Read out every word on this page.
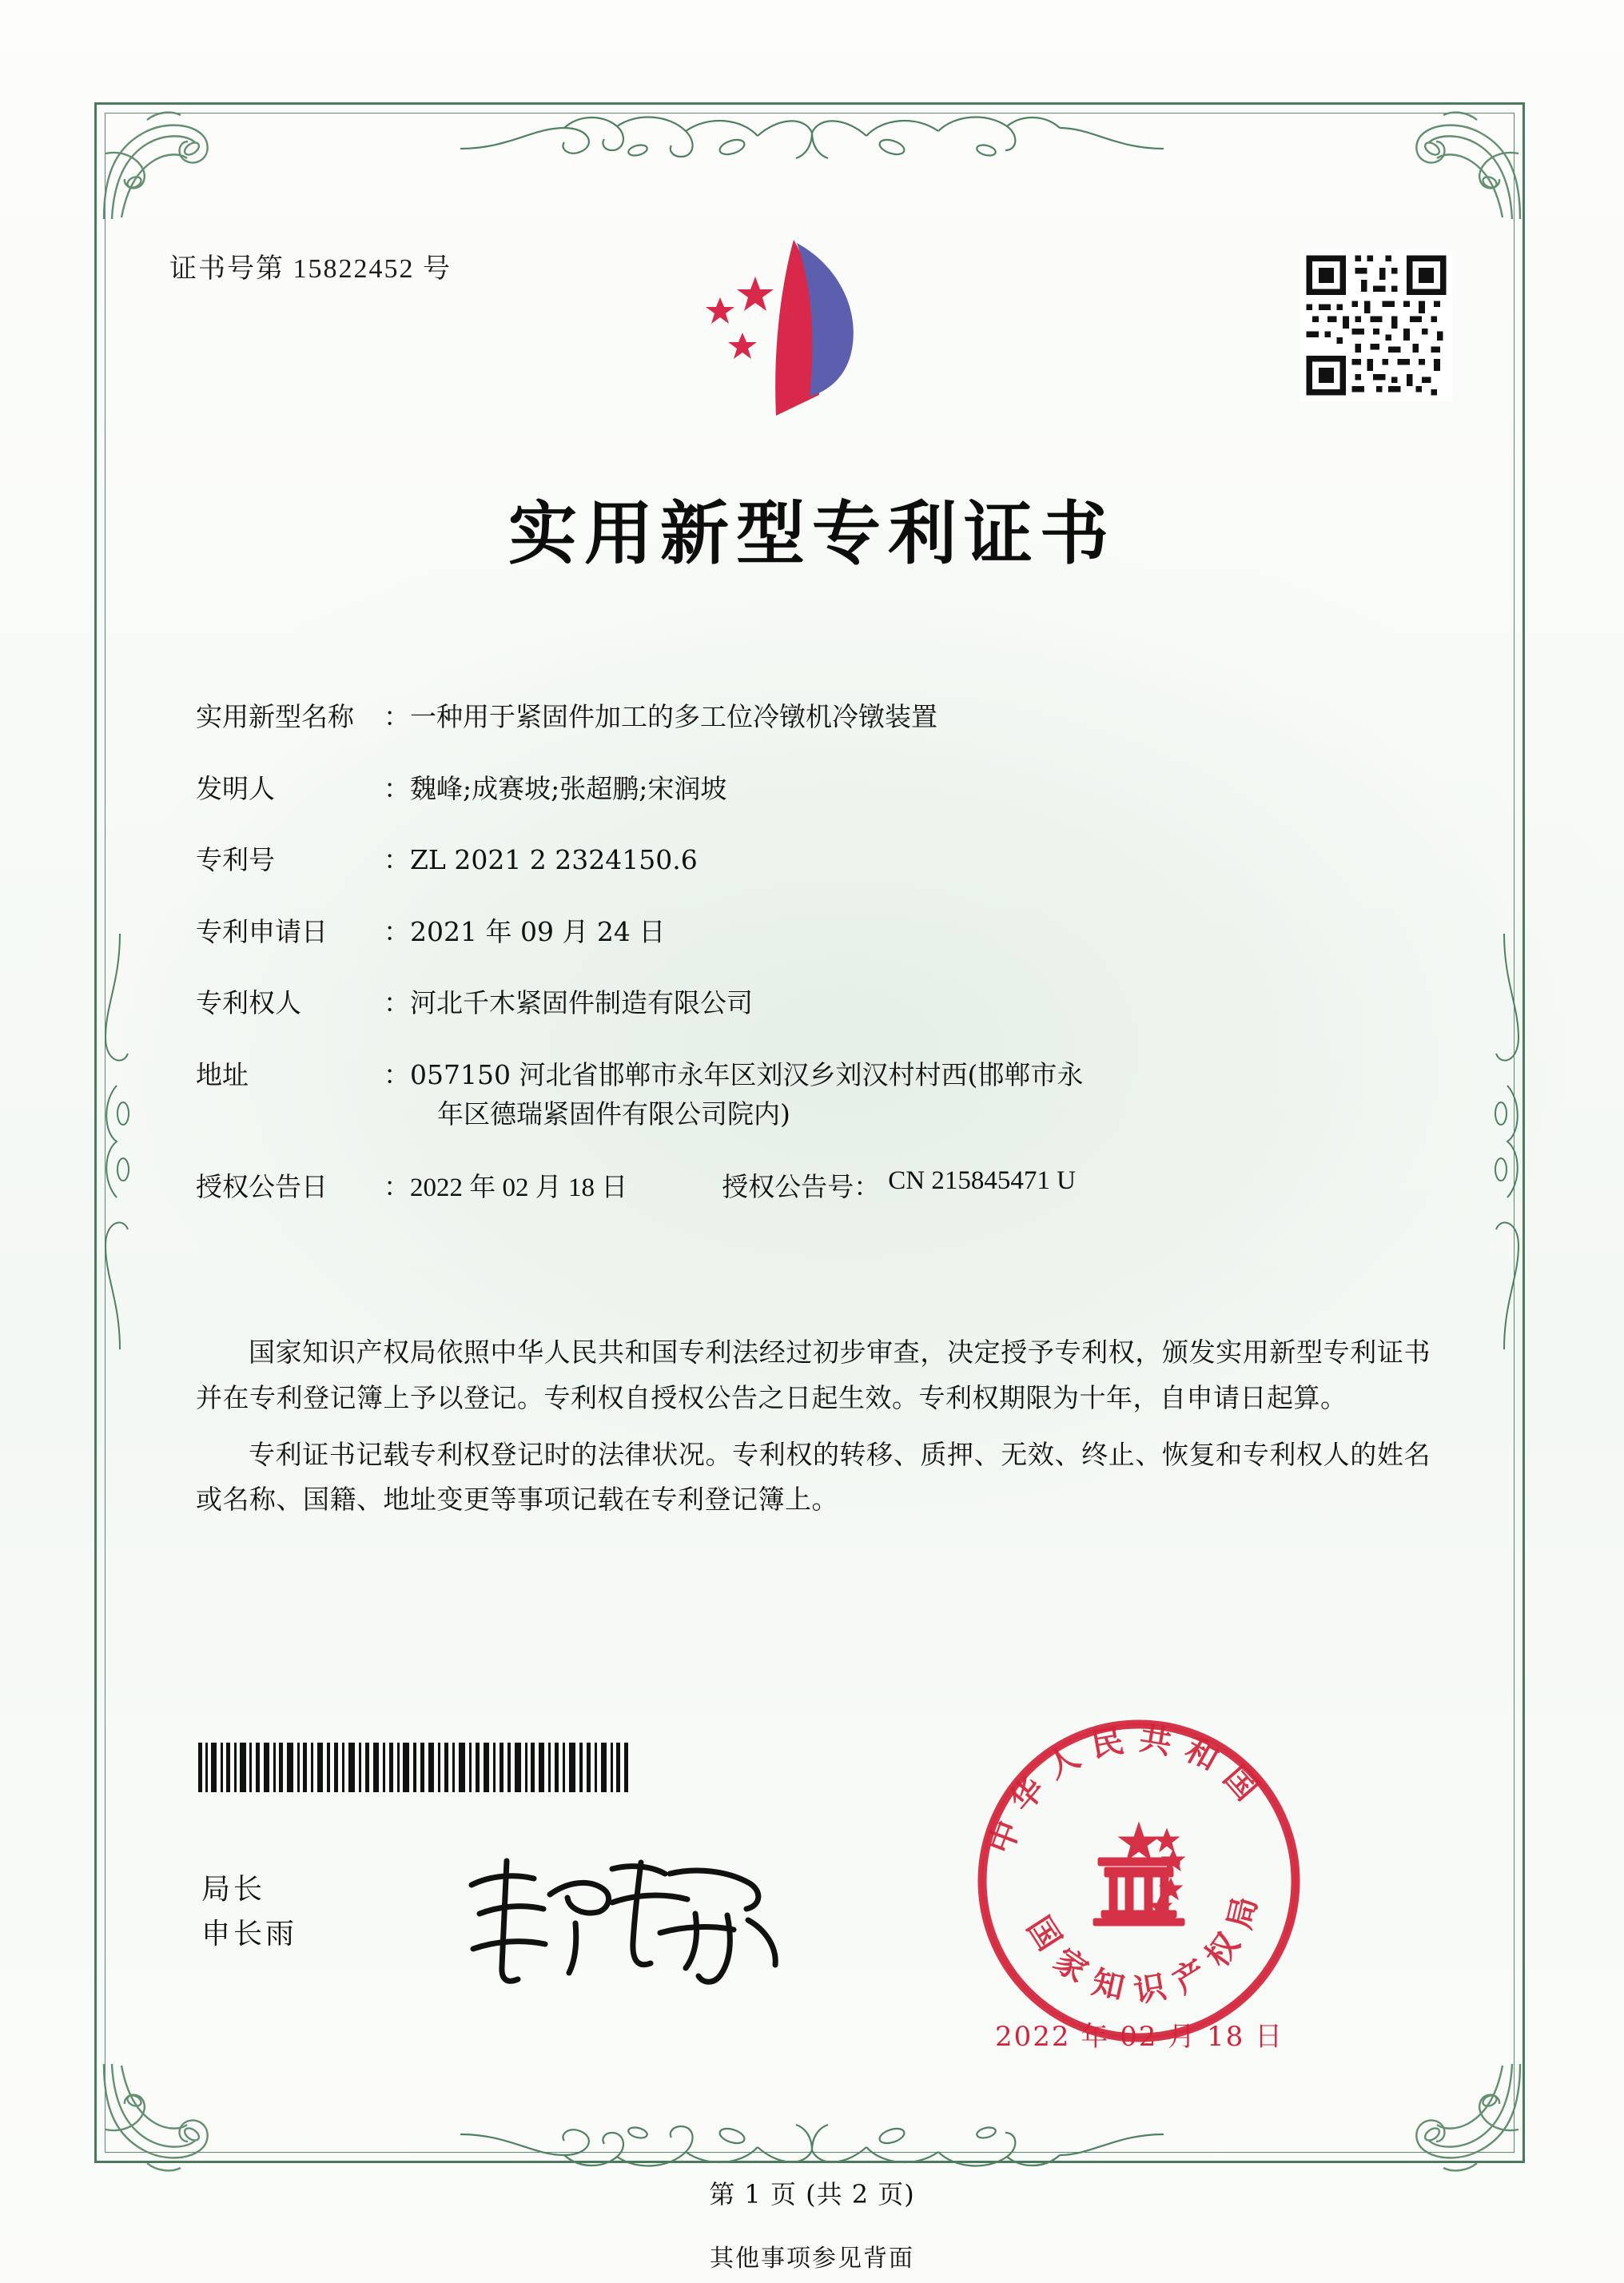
证书号第 15822452 号
实用新型专利证书
实用新型名称 ： 一种用于紧固件加工的多工位冷镦机冷镦装置
发明人	： 魏峰;成赛坡;张超鹏;宋润坡
专利号	： ZL 2021 2 2324150.6
专利申请日 ： 2021 年 09 月 24 日
专利权人	： 河北千木紧固件制造有限公司
地址	： 057150 河北省邯郸市永年区刘汉乡刘汉村村西(邯郸市永
年区德瑞紧固件有限公司院内)
授权公告日 ： 2022 年 02 月 18 日	授权公告号： CN 215845471 U

国家知识产权局依照中华人民共和国专利法经过初步审查，决定授予专利权，颁发实用新型专利证书并在专利登记簿上予以登记。专利权自授权公告之日起生效。专利权期限为十年，自申请日起算。

专利证书记载专利权登记时的法律状况。专利权的转移、质押、无效、终止、恢复和专利权人的姓名或名称、国籍、地址变更等事项记载在专利登记簿上。

局长
申长雨
中华人民共和国
国家知识产权局
2022 年 02 月 18 日
第 1 页 (共 2 页)
其他事项参见背面
